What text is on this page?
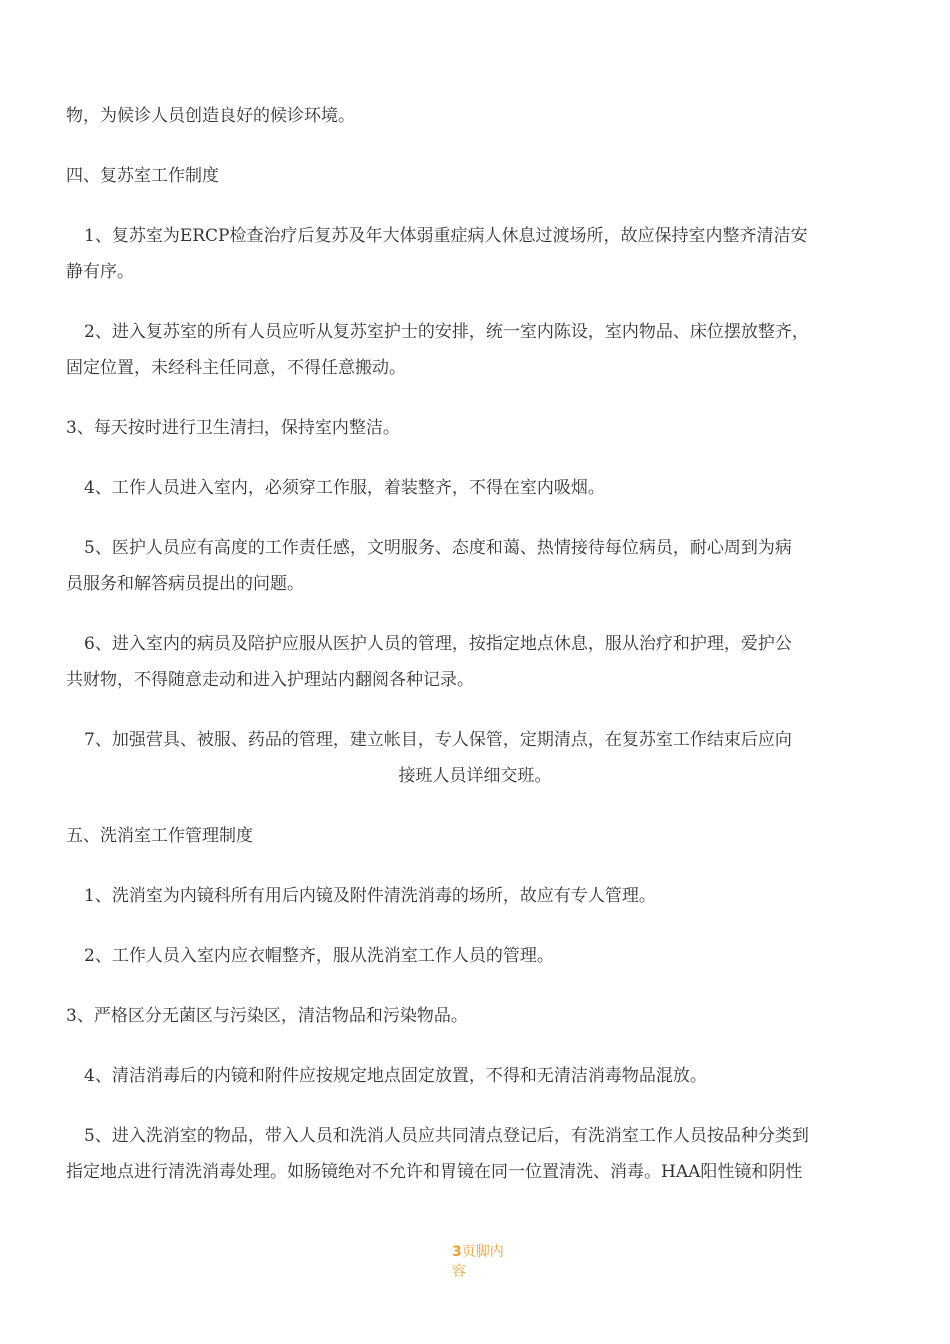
物，为候诊人员创造良好的候诊环境。

四、复苏室工作制度

1、复苏室为ERCP检查治疗后复苏及年大体弱重症病人休息过渡场所，故应保持室内整齐清洁安

静有序。

2、进入复苏室的所有人员应听从复苏室护士的安排，统一室内陈设，室内物品、床位摆放整齐，

固定位置，未经科主任同意，不得任意搬动。

3、每天按时进行卫生清扫，保持室内整洁。

4、工作人员进入室内，必须穿工作服，着装整齐，不得在室内吸烟。

5、医护人员应有高度的工作责任感，文明服务、态度和蔼、热情接待每位病员，耐心周到为病

员服务和解答病员提出的问题。

6、进入室内的病员及陪护应服从医护人员的管理，按指定地点休息，服从治疗和护理，爱护公

共财物，不得随意走动和进入护理站内翻阅各种记录。

7、加强营具、被服、药品的管理，建立帐目，专人保管，定期清点，在复苏室工作结束后应向

接班人员详细交班。

五、洗消室工作管理制度

1、洗消室为内镜科所有用后内镜及附件清洗消毒的场所，故应有专人管理。

2、工作人员入室内应衣帽整齐，服从洗消室工作人员的管理。

3、严格区分无菌区与污染区，清洁物品和污染物品。

4、清洁消毒后的内镜和附件应按规定地点固定放置，不得和无清洁消毒物品混放。

5、进入洗消室的物品，带入人员和洗消人员应共同清点登记后，有洗消室工作人员按品种分类到

指定地点进行清洗消毒处理。如肠镜绝对不允许和胃镜在同一位置清洗、消毒。HAA阳性镜和阴性

3页脚内
容
